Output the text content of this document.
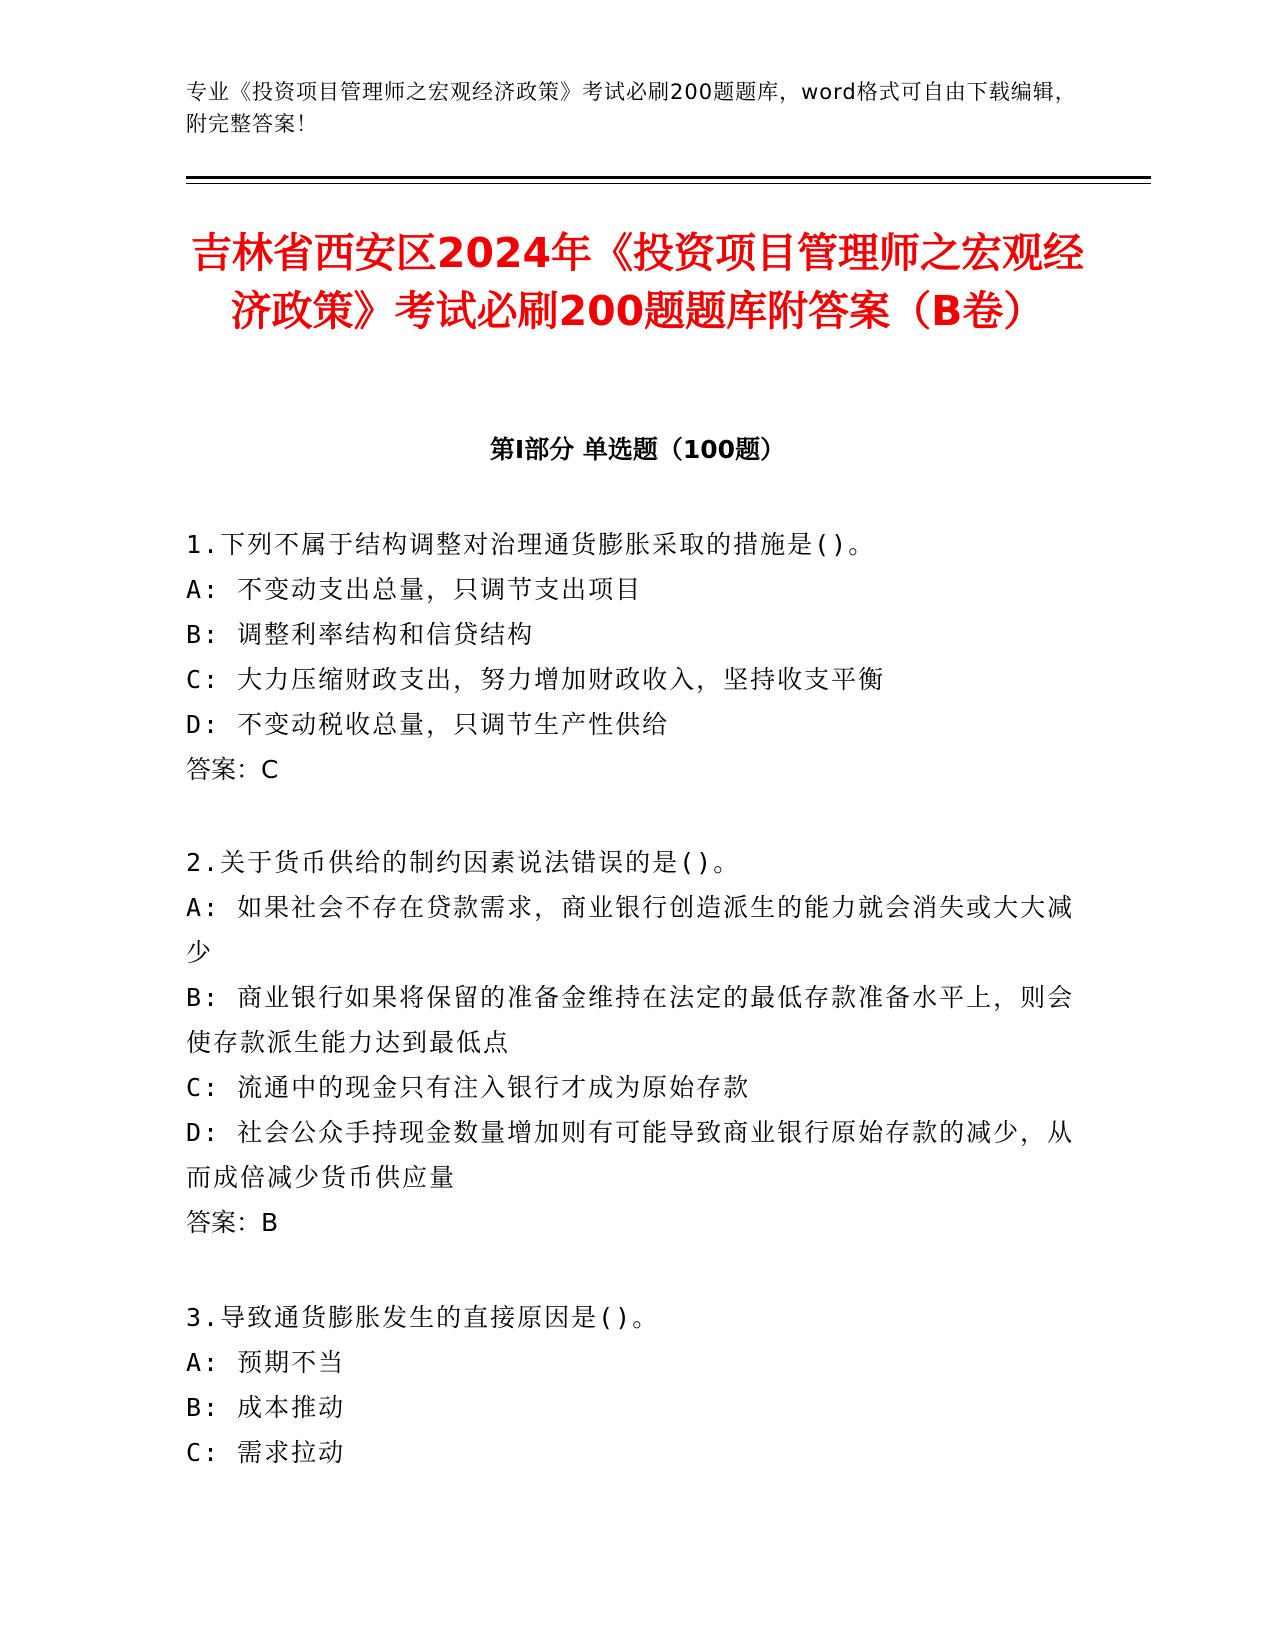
专业《投资项目管理师之宏观经济政策》考试必刷200题题库，word格式可自由下载编辑，附完整答案！
吉林省西安区2024年《投资项目管理师之宏观经济政策》考试必刷200题题库附答案（B卷）
第I部分 单选题（100题）

1.下列不属于结构调整对治理通货膨胀采取的措施是()。

A: 不变动支出总量，只调节支出项目

B: 调整利率结构和信贷结构

C: 大力压缩财政支出，努力增加财政收入，坚持收支平衡

D: 不变动税收总量，只调节生产性供给

答案：C

2.关于货币供给的制约因素说法错误的是()。

A: 如果社会不存在贷款需求，商业银行创造派生的能力就会消失或大大减少

B: 商业银行如果将保留的准备金维持在法定的最低存款准备水平上，则会使存款派生能力达到最低点

C: 流通中的现金只有注入银行才成为原始存款

D: 社会公众手持现金数量增加则有可能导致商业银行原始存款的减少，从而成倍减少货币供应量

答案：B

3.导致通货膨胀发生的直接原因是()。

A: 预期不当

B: 成本推动

C: 需求拉动
